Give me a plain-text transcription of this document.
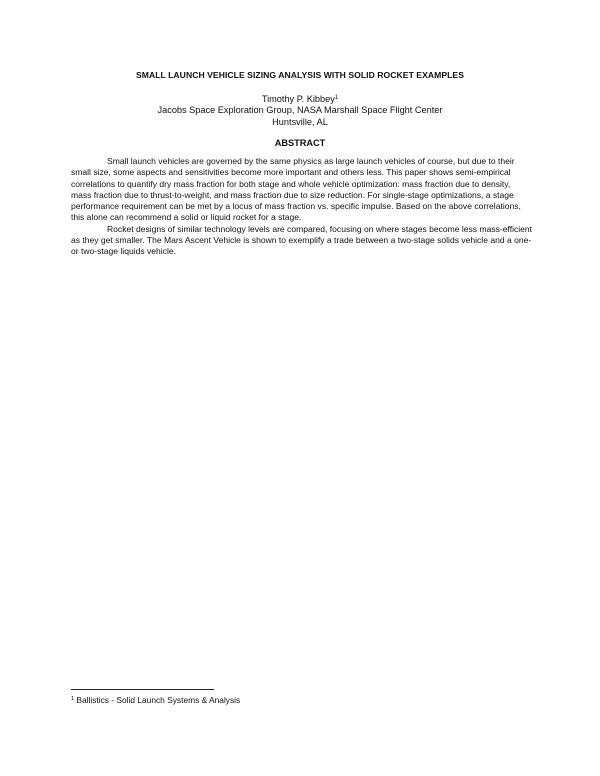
SMALL LAUNCH VEHICLE SIZING ANALYSIS WITH SOLID ROCKET EXAMPLES
Timothy P. Kibbey$^1$
Jacobs Space Exploration Group, NASA Marshall Space Flight Center
Huntsville, AL
ABSTRACT

Small launch vehicles are governed by the same physics as large launch vehicles of course, but due to their small size, some aspects and sensitivities become more important and others less. This paper shows semi-empirical correlations to quantify dry mass fraction for both stage and whole vehicle optimization: mass fraction due to density, mass fraction due to thrust-to-weight, and mass fraction due to size reduction. For single-stage optimizations, a stage performance requirement can be met by a locus of mass fraction vs. specific impulse. Based on the above correlations, this alone can recommend a solid or liquid rocket for a stage.

Rocket designs of similar technology levels are compared, focusing on where stages become less mass-efficient as they get smaller. The Mars Ascent Vehicle is shown to exemplify a trade between a two-stage solids vehicle and a one- or two-stage liquids vehicle.

$^1$ Ballistics - Solid Launch Systems & Analysis
